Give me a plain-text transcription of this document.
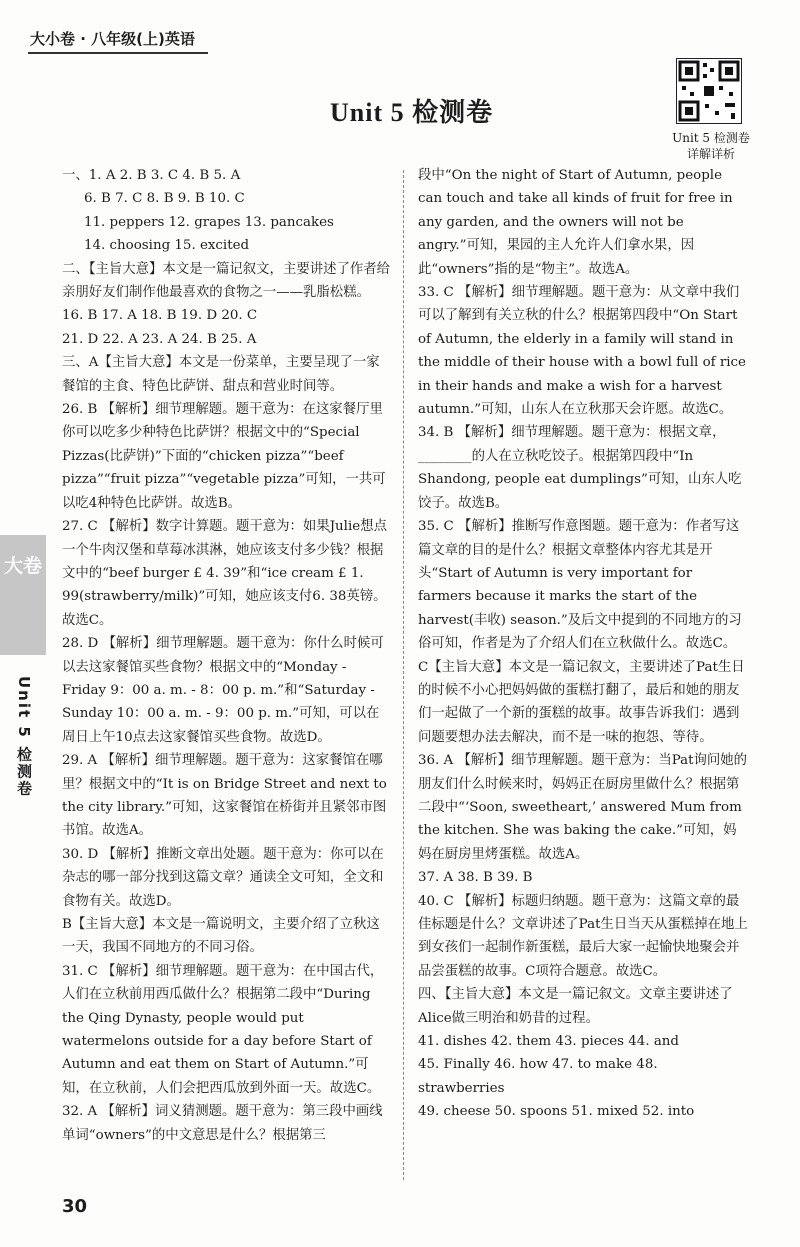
大小卷 · 八年级(上)英语
Unit 5 检测卷
Unit 5 检测卷
详解详析

一、1. A 2. B 3. C 4. B 5. A

6. B 7. C 8. B 9. B 10. C

11. peppers 12. grapes 13. pancakes

14. choosing 15. excited

二、【主旨大意】本文是一篇记叙文，主要讲述了作者给亲朋好友们制作他最喜欢的食物之一——乳脂松糕。

16. B 17. A 18. B 19. D 20. C

21. D 22. A 23. A 24. B 25. A

三、A【主旨大意】本文是一份菜单，主要呈现了一家餐馆的主食、特色比萨饼、甜点和营业时间等。

26. B 【解析】细节理解题。题干意为：在这家餐厅里你可以吃多少种特色比萨饼？根据文中的“Special Pizzas(比萨饼)”下面的“chicken pizza”“beef pizza”“fruit pizza”“vegetable pizza”可知，一共可以吃4种特色比萨饼。故选B。

27. C 【解析】数字计算题。题干意为：如果Julie想点一个牛肉汉堡和草莓冰淇淋，她应该支付多少钱？根据文中的“beef burger £ 4. 39”和“ice cream £ 1. 99(strawberry/milk)”可知，她应该支付6. 38英镑。故选C。

28. D 【解析】细节理解题。题干意为：你什么时候可以去这家餐馆买些食物？根据文中的“Monday - Friday 9：00 a. m. - 8：00 p. m.”和“Saturday - Sunday 10：00 a. m. - 9：00 p. m.”可知，可以在周日上午10点去这家餐馆买些食物。故选D。

29. A 【解析】细节理解题。题干意为：这家餐馆在哪里？根据文中的“It is on Bridge Street and next to the city library.”可知，这家餐馆在桥街并且紧邻市图书馆。故选A。

30. D 【解析】推断文章出处题。题干意为：你可以在杂志的哪一部分找到这篇文章？通读全文可知，全文和食物有关。故选D。

B【主旨大意】本文是一篇说明文，主要介绍了立秋这一天，我国不同地方的不同习俗。

31. C 【解析】细节理解题。题干意为：在中国古代，人们在立秋前用西瓜做什么？根据第二段中“During the Qing Dynasty, people would put watermelons outside for a day before Start of Autumn and eat them on Start of Autumn.”可知，在立秋前，人们会把西瓜放到外面一天。故选C。

32. A 【解析】词义猜测题。题干意为：第三段中画线单词“owners”的中文意思是什么？根据第三

段中“On the night of Start of Autumn, people can touch and take all kinds of fruit for free in any garden, and the owners will not be angry.”可知，果园的主人允许人们拿水果，因此“owners”指的是“物主”。故选A。

33. C 【解析】细节理解题。题干意为：从文章中我们可以了解到有关立秋的什么？根据第四段中“On Start of Autumn, the elderly in a family will stand in the middle of their house with a bowl full of rice in their hands and make a wish for a harvest autumn.”可知，山东人在立秋那天会许愿。故选C。

34. B 【解析】细节理解题。题干意为：根据文章，________的人在立秋吃饺子。根据第四段中“In Shandong, people eat dumplings”可知，山东人吃饺子。故选B。

35. C 【解析】推断写作意图题。题干意为：作者写这篇文章的目的是什么？根据文章整体内容尤其是开头“Start of Autumn is very important for farmers because it marks the start of the harvest(丰收) season.”及后文中提到的不同地方的习俗可知，作者是为了介绍人们在立秋做什么。故选C。

C【主旨大意】本文是一篇记叙文，主要讲述了Pat生日的时候不小心把妈妈做的蛋糕打翻了，最后和她的朋友们一起做了一个新的蛋糕的故事。故事告诉我们：遇到问题要想办法去解决，而不是一味的抱怨、等待。

36. A 【解析】细节理解题。题干意为：当Pat询问她的朋友们什么时候来时，妈妈正在厨房里做什么？根据第二段中“‘Soon, sweetheart,’ answered Mum from the kitchen. She was baking the cake.”可知，妈妈在厨房里烤蛋糕。故选A。

37. A 38. B 39. B

40. C 【解析】标题归纳题。题干意为：这篇文章的最佳标题是什么？文章讲述了Pat生日当天从蛋糕掉在地上到女孩们一起制作新蛋糕，最后大家一起愉快地聚会并品尝蛋糕的故事。C项符合题意。故选C。

四、【主旨大意】本文是一篇记叙文。文章主要讲述了Alice做三明治和奶昔的过程。

41. dishes 42. them 43. pieces 44. and

45. Finally 46. how 47. to make 48. strawberries

49. cheese 50. spoons 51. mixed 52. into

大卷
Unit 5 检测卷
30
